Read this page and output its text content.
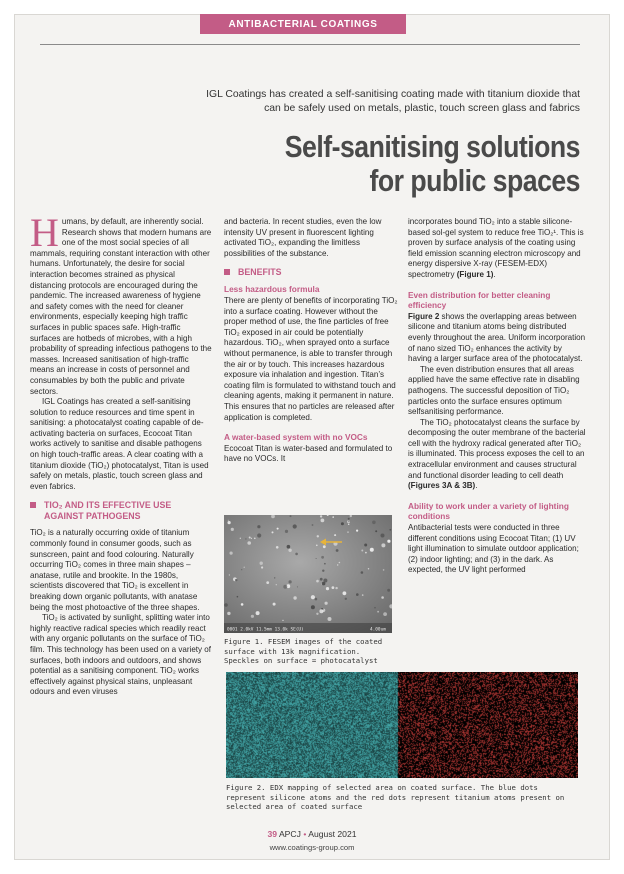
ANTIBACTERIAL COATINGS
IGL Coatings has created a self-sanitising coating made with titanium dioxide that can be safely used on metals, plastic, touch screen glass and fabrics
Self-sanitising solutions
for public spaces

Humans, by default, are inherently social. Research shows that modern humans are one of the most social species of all mammals, requiring constant interaction with other humans. Unfortunately, the desire for social interaction becomes strained as physical distancing protocols are encouraged during the pandemic. The increased awareness of hygiene and safety comes with the need for cleaner environments, especially keeping high traffic surfaces in public spaces safe. High-traffic surfaces are hotbeds of microbes, with a high probability of spreading infectious pathogens to the masses. Increased sanitisation of high-traffic means an increase in costs of personnel and consumables by both the public and private sectors.

IGL Coatings has created a self-sanitising solution to reduce resources and time spent in sanitising: a photocatalyst coating capable of de-activating bacteria on surfaces, Ecocoat Titan works actively to sanitise and disable pathogens on high touch-traffic areas. A clear coating with a titanium dioxide (TiO₂) photocatalyst, Titan is used safely on metals, plastic, touch screen glass and even fabrics.

TIO₂ AND ITS EFFECTIVE USE AGAINST PATHOGENS

TiO₂ is a naturally occurring oxide of titanium commonly found in consumer goods, such as sunscreen, paint and food colouring. Naturally occurring TiO₂ comes in three main shapes – anatase, rutile and brookite. In the 1980s, scientists discovered that TiO₂ is excellent in breaking down organic pollutants, with anatase being the most photoactive of the three shapes.

TiO₂ is activated by sunlight, splitting water into highly reactive radical species which readily react with any organic pollutants on the surface of TiO₂ film. This technology has been used on a variety of surfaces, both indoors and outdoors, and shows potential as a sanitising component. TiO₂ works effectively against physical stains, unpleasant odours and even viruses

and bacteria. In recent studies, even the low intensity UV present in fluorescent lighting activated TiO₂, expanding the limitless possibilities of the substance.

BENEFITS
Less hazardous formula

There are plenty of benefits of incorporating TiO₂ into a surface coating. However without the proper method of use, the fine particles of free TiO₂ exposed in air could be potentially hazardous. TiO₂, when sprayed onto a surface without permanence, is able to transfer through the air or by touch. This increases hazardous exposure via inhalation and ingestion. Titan’s coating film is formulated to withstand touch and cleaning agents, making it permanent in nature. This ensures that no particles are released after application is completed.

A water-based system with no VOCs

Ecocoat Titan is water-based and formulated to have no VOCs. It

incorporates bound TiO₂ into a stable silicone-based sol-gel system to reduce free TiO₂¹. This is proven by surface analysis of the coating using field emission scanning electron microscopy and energy dispersive X-ray (FESEM-EDX) spectrometry (Figure 1).

Even distribution for better cleaning efficiency

Figure 2 shows the overlapping areas between silicone and titanium atoms being distributed evenly throughout the area. Uniform incorporation of nano sized TiO₂ enhances the activity by having a larger surface area of the photocatalyst.

The even distribution ensures that all areas applied have the same effective rate in disabling pathogens. The successful deposition of TiO₂ particles onto the surface ensures optimum selfsanitising performance.

The TiO₂ photocatalyst cleans the surface by decomposing the outer membrane of the bacterial cell with the hydroxy radical generated after TiO₂ is illuminated. This process exposes the cell to an extracellular environment and causes structural and functional disorder leading to cell death (Figures 3A & 3B).

Ability to work under a variety of lighting conditions

Antibacterial tests were conducted in three different conditions using Ecocoat Titan; (1) UV light illumination to simulate outdoor application; (2) indoor lighting; and (3) in the dark. As expected, the UV light performed

0001 2.0kV 11.5mm 13.0k SE(U)	4.00um
Figure 1. FESEM images of the coated surface with 13k magnification. Speckles on surface = photocatalyst
Figure 2. EDX mapping of selected area on coated surface. The blue dots represent silicone atoms and the red dots represent titanium atoms present on selected area of coated surface
39 APCJ • August 2021
www.coatings-group.com
